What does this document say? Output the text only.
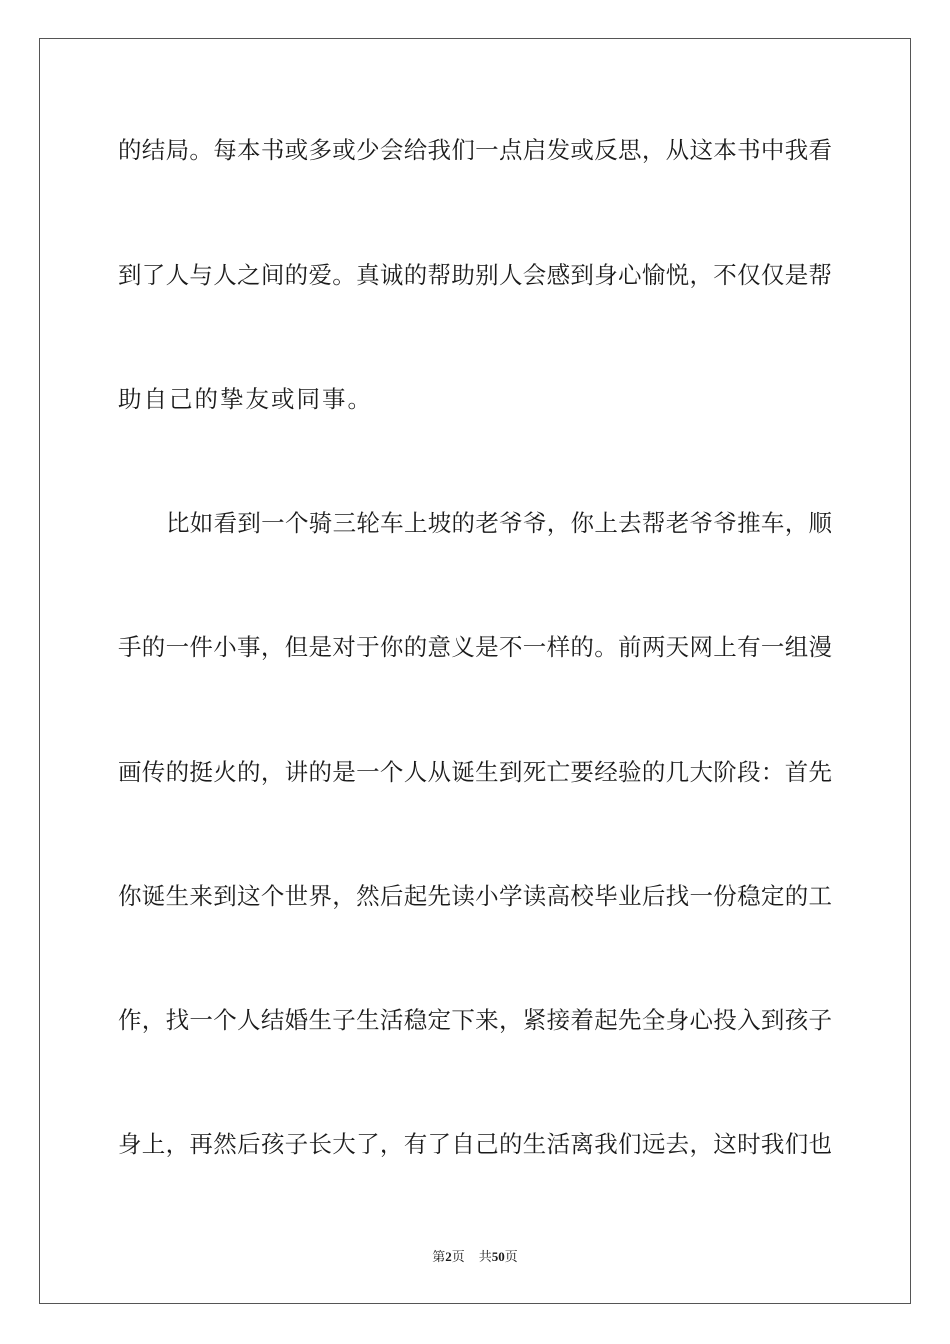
的结局。每本书或多或少会给我们一点启发或反思，从这本书中我看
到了人与人之间的爱。真诚的帮助别人会感到身心愉悦，不仅仅是帮
助自己的挚友或同事。
比如看到一个骑三轮车上坡的老爷爷，你上去帮老爷爷推车，顺
手的一件小事，但是对于你的意义是不一样的。前两天网上有一组漫
画传的挺火的，讲的是一个人从诞生到死亡要经验的几大阶段：首先
你诞生来到这个世界，然后起先读小学读高校毕业后找一份稳定的工
作，找一个人结婚生子生活稳定下来，紧接着起先全身心投入到孩子
身上，再然后孩子长大了，有了自己的生活离我们远去，这时我们也
第2页 共50页
